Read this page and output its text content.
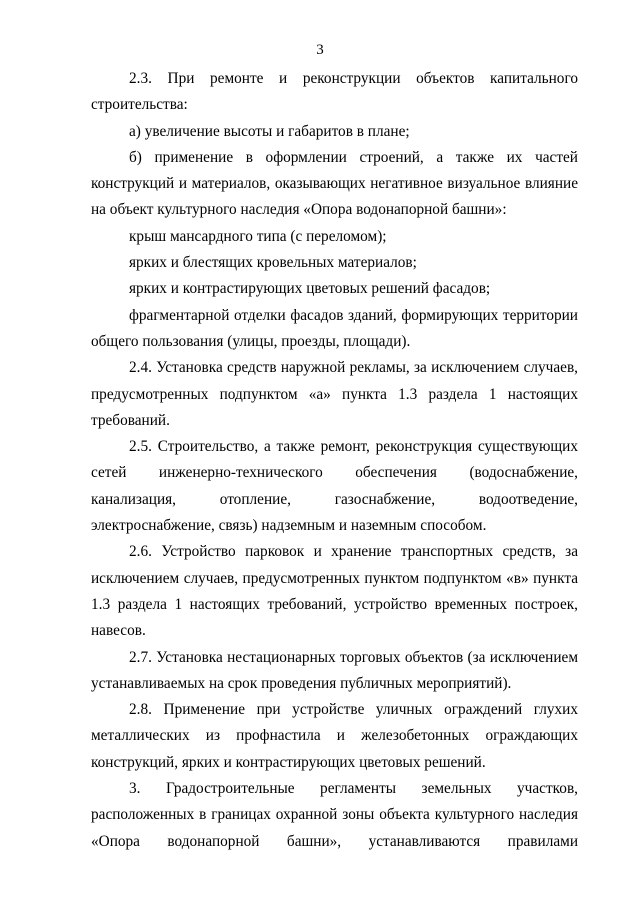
3

2.3. При ремонте и реконструкции объектов капитального строительства:

а) увеличение высоты и габаритов в плане;

б) применение в оформлении строений, а также их частей конструкций и материалов, оказывающих негативное визуальное влияние на объект культурного наследия «Опора водонапорной башни»:

крыш мансардного типа (с переломом);

ярких и блестящих кровельных материалов;

ярких и контрастирующих цветовых решений фасадов;

фрагментарной отделки фасадов зданий, формирующих территории общего пользования (улицы, проезды, площади).

2.4. Установка средств наружной рекламы, за исключением случаев, предусмотренных подпунктом «а» пункта 1.3 раздела 1 настоящих требований.

2.5. Строительство, а также ремонт, реконструкция существующих сетей инженерно-технического обеспечения (водоснабжение, канализация, отопление, газоснабжение, водоотведение, электроснабжение, связь) надземным и наземным способом.

2.6. Устройство парковок и хранение транспортных средств, за исключением случаев, предусмотренных пунктом подпунктом «в» пункта 1.3 раздела 1 настоящих требований, устройство временных построек, навесов.

2.7. Установка нестационарных торговых объектов (за исключением устанавливаемых на срок проведения публичных мероприятий).

2.8. Применение при устройстве уличных ограждений глухих металлических из профнастила и железобетонных ограждающих конструкций, ярких и контрастирующих цветовых решений.

3. Градостроительные регламенты земельных участков, расположенных в границах охранной зоны объекта культурного наследия «Опора водонапорной башни», устанавливаются правилами
